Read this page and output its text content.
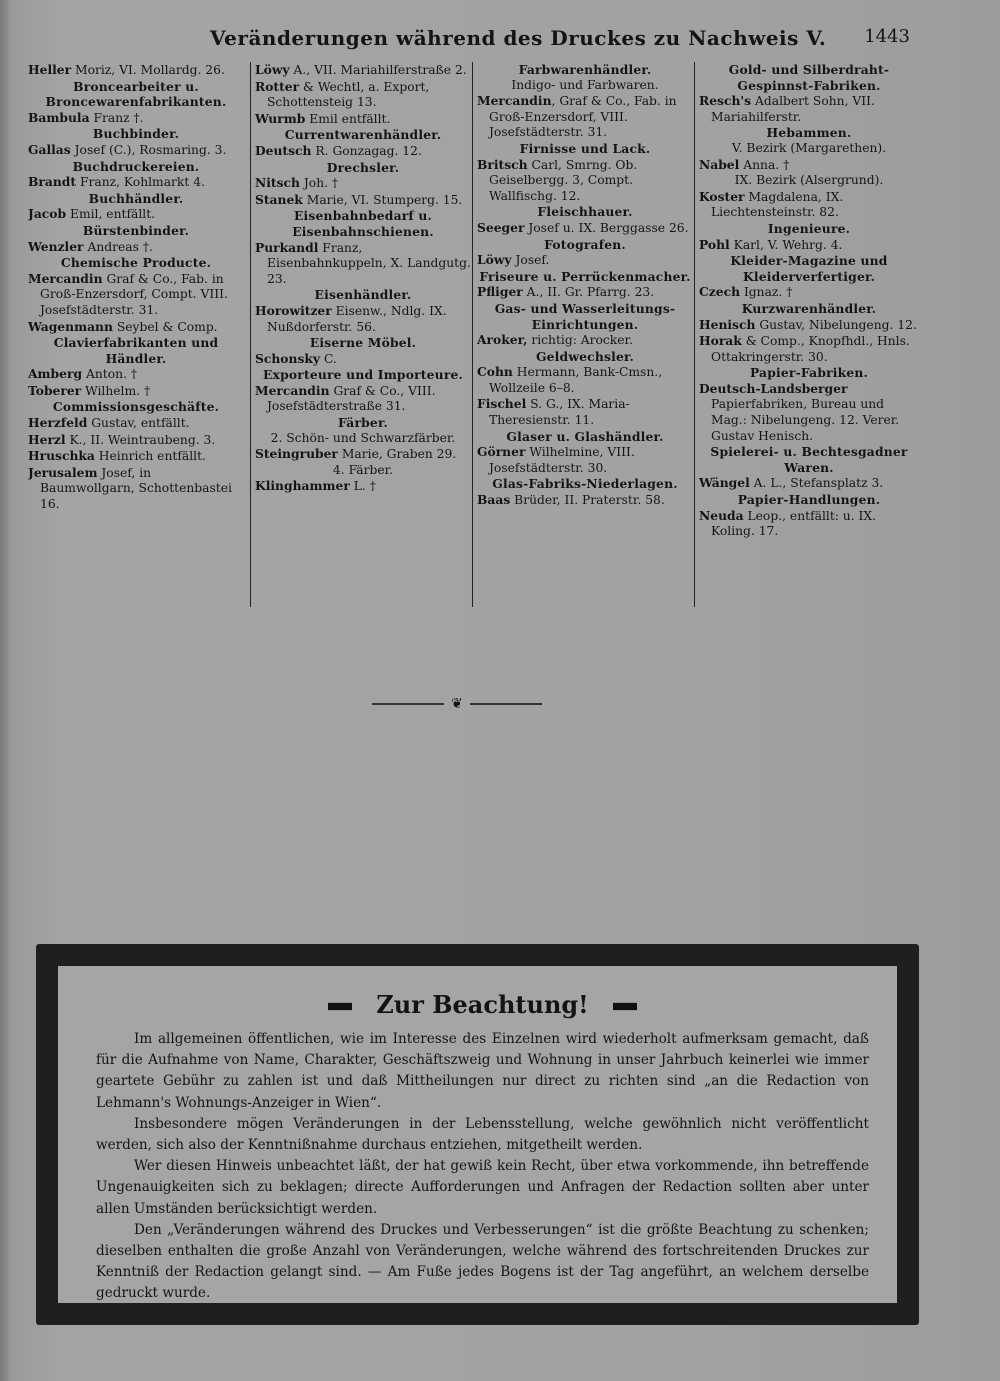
Veränderungen während des Druckes zu Nachweis V. 1443
Heller Moriz, VI. Mollardg. 26.
Broncearbeiter u. Broncewarenfabrikanten.
Bambula Franz †.
Buchbinder.
Gallas Josef (C.), Rosmaring. 3.
Buchdruckereien.
Brandt Franz, Kohlmarkt 4.
Buchhändler.
Jacob Emil, entfällt.
Bürstenbinder.
Wenzler Andreas †.
Chemische Producte.
Mercandin Graf & Co., Fab. in Groß-Enzersdorf, Compt. VIII. Josefstädterstr. 31.
Wagenmann Seybel & Comp.
Clavierfabrikanten und Händler.
Amberg Anton. †
Toberer Wilhelm. †
Commissionsgeschäfte.
Herzfeld Gustav, entfällt.
Herzl K., II. Weintraubeng. 3.
Hruschka Heinrich entfällt.
Jerusalem Josef, in Baumwollgarn, Schottenbastei 16.
Löwy A., VII. Mariahilferstraße 2.
Rotter & Wechtl, a. Export, Schottensteig 13.
Wurmb Emil entfällt.
Currentwarenhändler.
Deutsch R. Gonzagag. 12.
Drechsler.
Nitsch Joh. †
Stanek Marie, VI. Stumperg. 15.
Eisenbahnbedarf u. Eisenbahnschienen.
Purkandl Franz, Eisenbahnkuppeln, X. Landgutg. 23.
Eisenhändler.
Horowitzer Eisenw., Ndlg. IX. Nußdorferstr. 56.
Eiserne Möbel.
Schonsky C.
Exporteure und Importeure.
Mercandin Graf & Co., VIII. Josefstädterstraße 31.
Färber.
2. Schön- und Schwarzfärber.
Steingruber Marie, Graben 29.
4. Färber.
Klinghammer L. †
Farbwarenhändler.
Indigo- und Farbwaren.
Mercandin, Graf & Co., Fab. in Groß-Enzersdorf, VIII. Josefstädterstr. 31.
Firnisse und Lack.
Britsch Carl, Smrng. Ob. Geiselbergg. 3, Compt. Wallfischg. 12.
Fleischhauer.
Seeger Josef u. IX. Berggasse 26.
Fotografen.
Löwy Josef.
Friseure u. Perrückenmacher.
Pfliger A., II. Gr. Pfarrg. 23.
Gas- und Wasserleitungs-Einrichtungen.
Aroker, richtig: Arocker.
Geldwechsler.
Cohn Hermann, Bank-Cmsn., Wollzeile 6–8.
Fischel S. G., IX. Maria-Theresienstr. 11.
Glaser u. Glashändler.
Görner Wilhelmine, VIII. Josefstädterstr. 30.
Glas-Fabriks-Niederlagen.
Baas Brüder, II. Praterstr. 58.
Gold- und Silberdraht-Gespinnst-Fabriken.
Resch's Adalbert Sohn, VII. Mariahilferstr.
Hebammen.
V. Bezirk (Margarethen).
Nabel Anna. †
IX. Bezirk (Alsergrund).
Koster Magdalena, IX. Liechtensteinstr. 82.
Ingenieure.
Pohl Karl, V. Wehrg. 4.
Kleider-Magazine und Kleiderverfertiger.
Czech Ignaz. †
Kurzwarenhändler.
Henisch Gustav, Nibelungeng. 12.
Horak & Comp., Knopfhdl., Hnls. Ottakringerstr. 30.
Papier-Fabriken.
Deutsch-Landsberger Papierfabriken, Bureau und Mag.: Nibelungeng. 12. Verer. Gustav Henisch.
Spielerei- u. Bechtesgadner Waren.
Wängel A. L., Stefansplatz 3.
Papier-Handlungen.
Neuda Leop., entfällt: u. IX. Koling. 17.
❦
Zur Beachtung!

Im allgemeinen öffentlichen, wie im Interesse des Einzelnen wird wiederholt aufmerksam gemacht, daß für die Aufnahme von Name, Charakter, Geschäftszweig und Wohnung in unser Jahrbuch keinerlei wie immer geartete Gebühr zu zahlen ist und daß Mittheilungen nur direct zu richten sind „an die Redaction von Lehmann's Wohnungs-Anzeiger in Wien“.

Insbesondere mögen Veränderungen in der Lebensstellung, welche gewöhnlich nicht veröffentlicht werden, sich also der Kenntnißnahme durchaus entziehen, mitgetheilt werden.

Wer diesen Hinweis unbeachtet läßt, der hat gewiß kein Recht, über etwa vorkommende, ihn betreffende Ungenauigkeiten sich zu beklagen; directe Aufforderungen und Anfragen der Redaction sollten aber unter allen Umständen berücksichtigt werden.

Den „Veränderungen während des Druckes und Verbesserungen“ ist die größte Beachtung zu schenken; dieselben enthalten die große Anzahl von Veränderungen, welche während des fortschreitenden Druckes zur Kenntniß der Redaction gelangt sind. — Am Fuße jedes Bogens ist der Tag angeführt, an welchem derselbe gedruckt wurde.
